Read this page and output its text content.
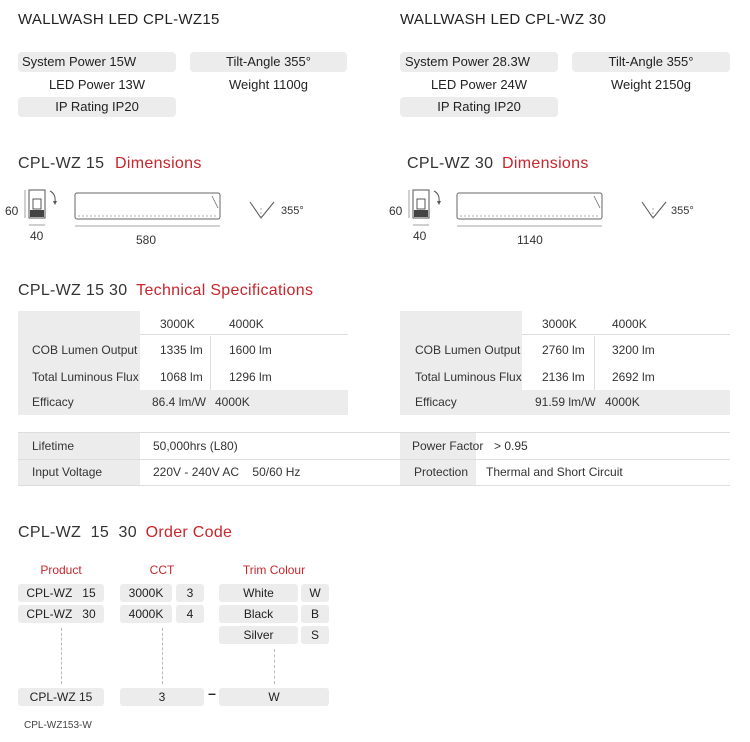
WALLWASH LED CPL-WZ15
System Power 15W
LED Power 13W
IP Rating IP20
Tilt-Angle 355°
Weight 1100g
WALLWASH LED CPL-WZ 30
System Power 28.3W
LED Power 24W
IP Rating IP20
Tilt-Angle 355°
Weight 2150g
CPL-WZ 15 Dimensions
60
40	580
355°
CPL-WZ 30 Dimensions
60
40	1140
355°
CPL-WZ 15 30 Technical Specifications
3000K	4000K
COB Lumen Output 1335 lm 1600 lm
Total Luminous Flux 1068 lm 1296 lm
Efficacy	86.4 lm/W 4000K
3000K	4000K
COB Lumen Output 2760 lm 3200 lm
Total Luminous Flux 2136 lm 2692 lm
Efficacy	91.59 lm/W 4000K
Lifetime	50,000hrs (L80)
Input Voltage	220V - 240V AC    50/60 Hz
Power Factor > 0.95
Protection Thermal and Short Circuit
CPL-WZ  15  30 Order Code
Product	CCT	Trim Colour
CPL-WZ   15
CPL-WZ   30
3000K	3
4000K	4
White	W
Black	B
Silver	S
CPL-WZ 15	3	–	W
CPL-WZ153-W
